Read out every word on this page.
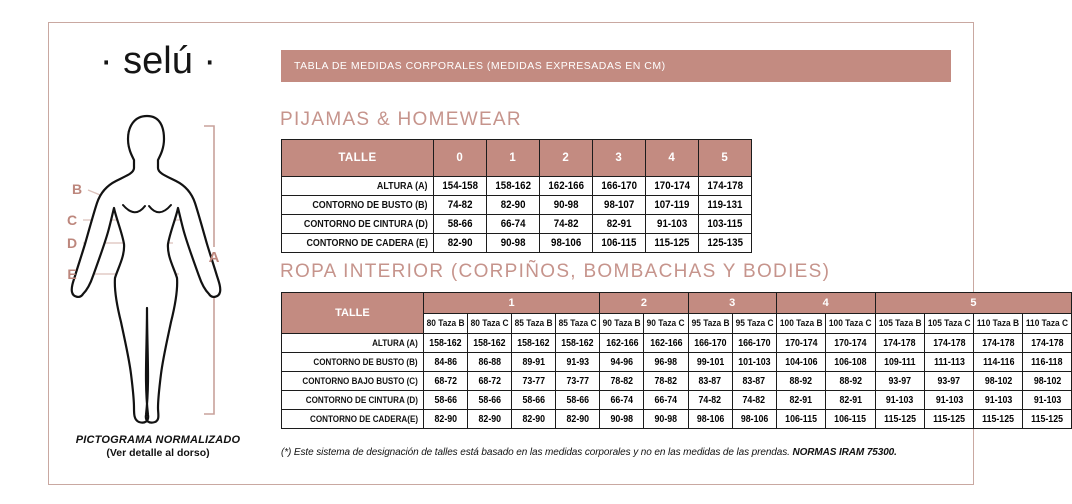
· selú ·
B
C
D
E
A
PICTOGRAMA NORMALIZADO
(Ver detalle al dorso)
TABLA DE MEDIDAS CORPORALES (MEDIDAS EXPRESADAS EN CM)
PIJAMAS & HOMEWEAR
TALLE	0	1	2	3	4	5
ALTURA (A)	154-158	158-162	162-166	166-170	170-174	174-178
CONTORNO DE BUSTO (B)	74-82	82-90	90-98	98-107	107-119	119-131
CONTORNO DE CINTURA (D)	58-66	66-74	74-82	82-91	91-103	103-115
CONTORNO DE CADERA (E)	82-90	90-98	98-106	106-115	115-125	125-135
ROPA INTERIOR (CORPIÑOS, BOMBACHAS Y BODIES)
TALLE	1				2		3		4		5			
	80 Taza B	80 Taza C	85 Taza B	85 Taza C	90 Taza B	90 Taza C	95 Taza B	95 Taza C	100 Taza B	100 Taza C	105 Taza B	105 Taza C	110 Taza B	110 Taza C
ALTURA (A)	158-162	158-162	158-162	158-162	162-166	162-166	166-170	166-170	170-174	170-174	174-178	174-178	174-178	174-178
CONTORNO DE BUSTO (B)	84-86	86-88	89-91	91-93	94-96	96-98	99-101	101-103	104-106	106-108	109-111	111-113	114-116	116-118
CONTORNO BAJO BUSTO (C)	68-72	68-72	73-77	73-77	78-82	78-82	83-87	83-87	88-92	88-92	93-97	93-97	98-102	98-102
CONTORNO DE CINTURA (D)	58-66	58-66	58-66	58-66	66-74	66-74	74-82	74-82	82-91	82-91	91-103	91-103	91-103	91-103
CONTORNO DE CADERA(E)	82-90	82-90	82-90	82-90	90-98	90-98	98-106	98-106	106-115	106-115	115-125	115-125	115-125	115-125
(*) Este sistema de designación de talles está basado en las medidas corporales y no en las medidas de las prendas. NORMAS IRAM 75300.
